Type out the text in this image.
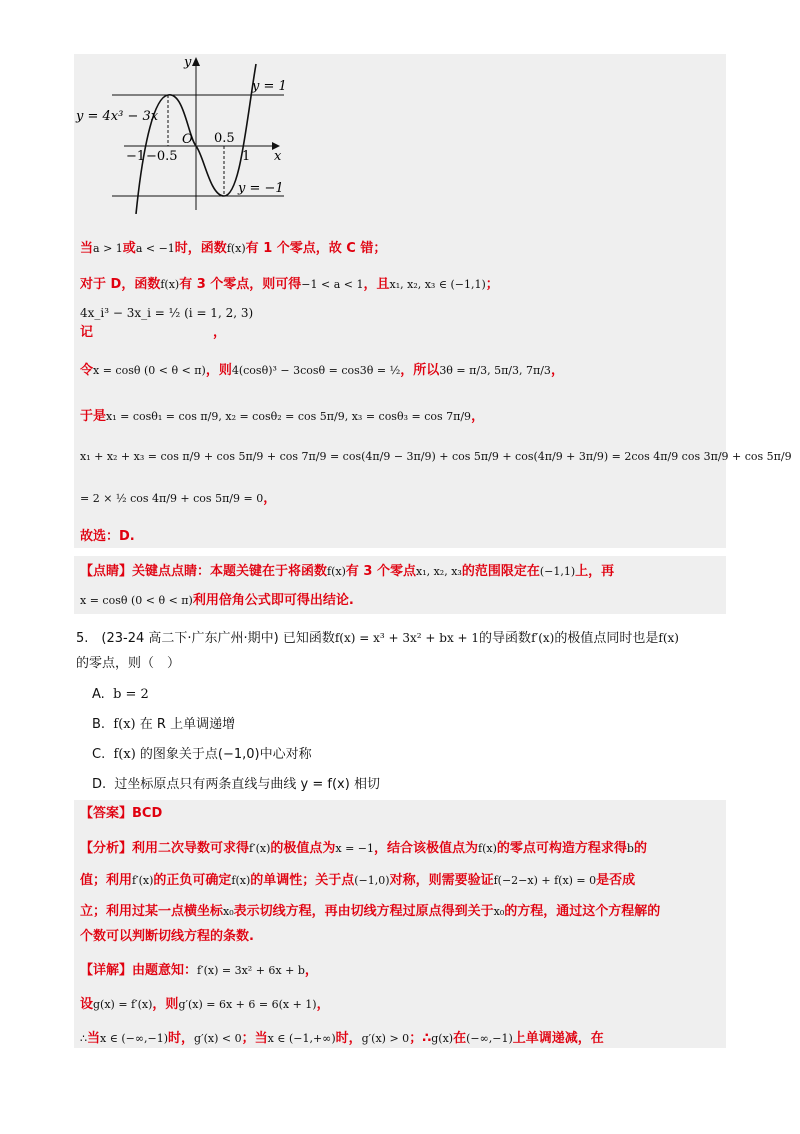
y
x
O
y = 4x³ − 3x
y = 1
y = −1
−1 −0.5
0.5
1
当a > 1或a < −1时，函数f(x)有 1 个零点，故 C 错；
对于 D，函数f(x)有 3 个零点，则可得−1 < a < 1，且x₁, x₂, x₃ ∈ (−1,1)；
4x_i³ − 3x_i = ½ (i = 1, 2, 3)
记	，
令x = cosθ (0 < θ < π)，则4(cosθ)³ − 3cosθ = cos3θ = ½，所以3θ = π/3, 5π/3, 7π/3，
于是x₁ = cosθ₁ = cos π/9, x₂ = cosθ₂ = cos 5π/9, x₃ = cosθ₃ = cos 7π/9，
x₁ + x₂ + x₃ = cos π/9 + cos 5π/9 + cos 7π/9 = cos(4π/9 − 3π/9) + cos 5π/9 + cos(4π/9 + 3π/9) = 2cos 4π/9 cos 3π/9 + cos 5π/9
= 2 × ½ cos 4π/9 + cos 5π/9 = 0，
故选：D.
【点睛】关键点点睛：本题关键在于将函数f(x)有 3 个零点x₁, x₂, x₃的范围限定在(−1,1)上，再
x = cosθ (0 < θ < π)利用倍角公式即可得出结论.
5.　(23-24 高二下·广东广州·期中) 已知函数f(x) = x³ + 3x² + bx + 1的导函数f′(x)的极值点同时也是f(x)
的零点，则（　）
A. b = 2
B. f(x) 在 R 上单调递增
C. f(x) 的图象关于点(−1,0)中心对称
D. 过坐标原点只有两条直线与曲线 y = f(x) 相切
【答案】BCD
【分析】利用二次导数可求得f′(x)的极值点为x = −1，结合该极值点为f(x)的零点可构造方程求得b的
值；利用f′(x)的正负可确定f(x)的单调性；关于点(−1,0)对称，则需要验证f(−2−x) + f(x) = 0是否成
立；利用过某一点横坐标x₀表示切线方程，再由切线方程过原点得到关于x₀的方程，通过这个方程解的
个数可以判断切线方程的条数.
【详解】由题意知：f′(x) = 3x² + 6x + b，
设g(x) = f′(x)，则g′(x) = 6x + 6 = 6(x + 1)，
∴当x ∈ (−∞,−1)时，g′(x) < 0；当x ∈ (−1,+∞)时，g′(x) > 0；∴g(x)在(−∞,−1)上单调递减，在
